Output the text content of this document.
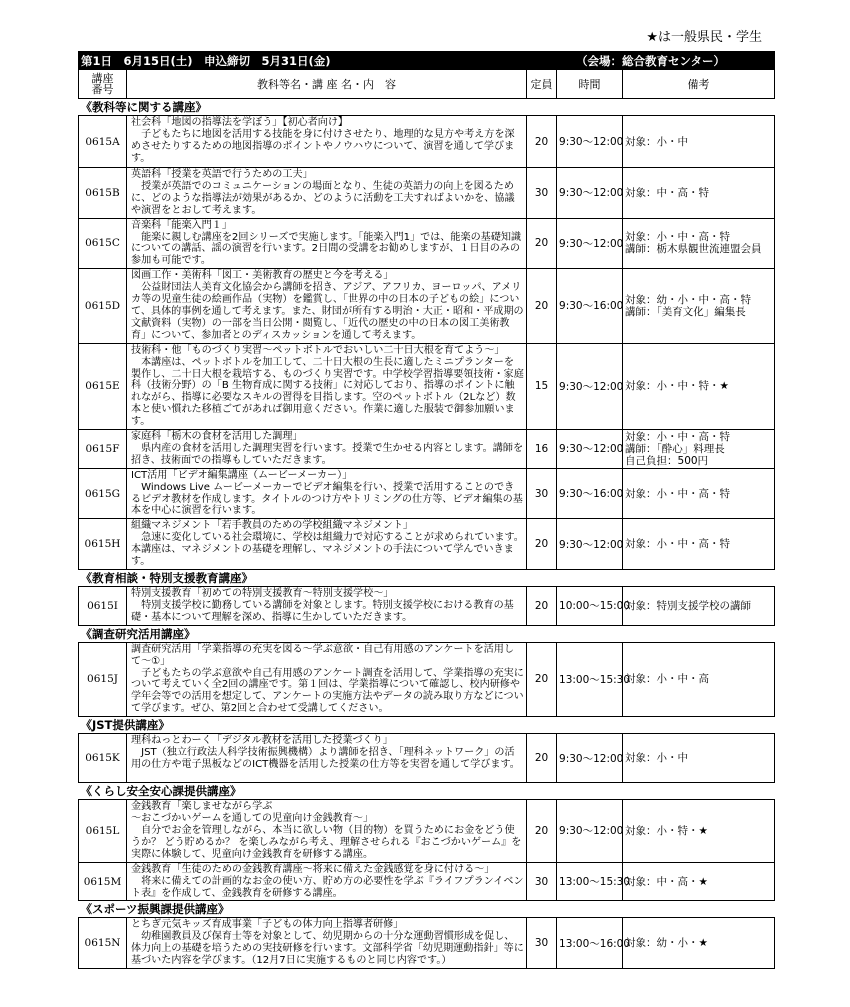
★は一般県民・学生
第1日　6月15日(土)　申込締切　5月31日(金)		（会場：総合教育センター）		
講座
番号	教科等名・講 座 名・内　容	定員	時間	備考
《教科等に関する講座》				
0615A	社会科「地図の指導法を学ぼう」【初心者向け】
子どもたちに地図を活用する技能を身に付けさせたり、地理的な見方や考え方を深めさせたりするための地図指導のポイントやノウハウについて、演習を通して学びます。	20	9:30～12:00	対象：小・中

0615B	英語科「授業を英語で行うための工夫」
授業が英語でのコミュニケーションの場面となり、生徒の英語力の向上を図るために、どのような指導法が効果があるか、どのように活動を工夫すればよいかを、協議や演習をとおして考えます。	30	9:30～12:00	対象：中・高・特

0615C	音楽科「能楽入門１」
能楽に親しむ講座を2回シリーズで実施します。「能楽入門1」では、能楽の基礎知識についての講話、謡の演習を行います。2日間の受講をお勧めしますが、１日目のみの参加も可能です。	20	9:30～12:00	対象：小・中・高・特
講師：栃木県観世流連盟会員

0615D	図画工作・美術科「図工・美術教育の歴史と今を考える」
公益財団法人美育文化協会から講師を招き、アジア、アフリカ、ヨーロッパ、アメリカ等の児童生徒の絵画作品（実物）を鑑賞し、「世界の中の日本の子どもの絵」について、具体的事例を通して考えます。また、財団が所有する明治・大正・昭和・平成期の文献資料（実物）の一部を当日公開・閲覧し、「近代の歴史の中の日本の図工美術教育」について、参加者とのディスカッションを通して考えます。	20	9:30～16:00	対象：幼・小・中・高・特
講師：「美育文化」編集長

0615E	技術科・他「ものづくり実習～ペットボトルでおいしい二十日大根を育てよう～」
本講座は、ペットボトルを加工して、二十日大根の生長に適したミニプランターを製作し、二十日大根を栽培する、ものづくり実習です。中学校学習指導要領技術・家庭科（技術分野）の「B 生物育成に関する技術」に対応しており、指導のポイントに触れながら、指導に必要なスキルの習得を目指します。空のペットボトル（2Lなど）数本と使い慣れた移植ごてがあれば御用意ください。作業に適した服装で御参加願います。	15	9:30～12:00	対象：小・中・特・★

0615F	家庭科「栃木の食材を活用した調理」
県内産の食材を活用した調理実習を行います。授業で生かせる内容とします。講師を招き、技術面での指導もしていただきます。	16	9:30～12:00	対象：小・中・高・特
講師：「酔心」料理長
自己負担：500円

0615G	ICT活用「ビデオ編集講座（ムービーメーカー）」
Windows Live ムービーメーカーでビデオ編集を行い、授業で活用することのできるビデオ教材を作成します。タイトルのつけ方やトリミングの仕方等、ビデオ編集の基本を中心に演習を行います。	30	9:30～16:00	対象：小・中・高・特

0615H	組織マネジメント「若手教員のための学校組織マネジメント」
急速に変化している社会環境に、学校は組織力で対応することが求められています。本講座は、マネジメントの基礎を理解し、マネジメントの手法について学んでいきます。	20	9:30～12:00	対象：小・中・高・特

《教育相談・特別支援教育講座》				
0615I	特別支援教育「初めての特別支援教育～特別支援学校～」
特別支援学校に勤務している講師を対象とします。特別支援学校における教育の基礎・基本について理解を深め、指導に生かしていただきます。	20	10:00～15:00	対象：特別支援学校の講師

《調査研究活用講座》				
0615J	調査研究活用「学業指導の充実を図る～学ぶ意欲・自己有用感のアンケートを活用して～①」
子どもたちの学ぶ意欲や自己有用感のアンケート調査を活用して、学業指導の充実について考えていく全2回の講座です。第１回は、学業指導について確認し、校内研修や学年会等での活用を想定して、アンケートの実施方法やデータの読み取り方などについて学びます。ぜひ、第2回と合わせて受講してください。	20	13:00～15:30	対象：小・中・高

《JST提供講座》				
0615K	理科ねっとわーく「デジタル教材を活用した授業づくり」
JST（独立行政法人科学技術振興機構）より講師を招き、「理科ネットワーク」の活用の仕方や電子黒板などのICT機器を活用した授業の仕方等を実習を通して学びます。	20	9:30～12:00	対象：小・中

《くらし安全安心課提供講座》				
0615L	金銭教育「楽しませながら学ぶ
～おこづかいゲームを通しての児童向け金銭教育～」
自分でお金を管理しながら、本当に欲しい物（目的物）を買うためにお金をどう使うか？ どう貯めるか？ を楽しみながら考え、理解させられる『おこづかいゲーム』を実際に体験して、児童向け金銭教育を研修する講座。	20	9:30～12:00	対象：小・特・★

0615M	金銭教育「生徒のための金銭教育講座～将来に備えた金銭感覚を身に付ける～」
将来に備えての計画的なお金の使い方、貯め方の必要性を学ぶ『ライフプランイベント表』を作成して、金銭教育を研修する講座。	30	13:00～15:30	対象：中・高・★

《スポーツ振興課提供講座》				
0615N	とちぎ元気キッズ育成事業「子どもの体力向上指導者研修」
幼稚園教員及び保育士等を対象として、幼児期からの十分な運動習慣形成を促し、体力向上の基礎を培うための実技研修を行います。文部科学省「幼児期運動指針」等に基づいた内容を学びます。（12月7日に実施するものと同じ内容です。）	30	13:00～16:00	対象：幼・小・★
